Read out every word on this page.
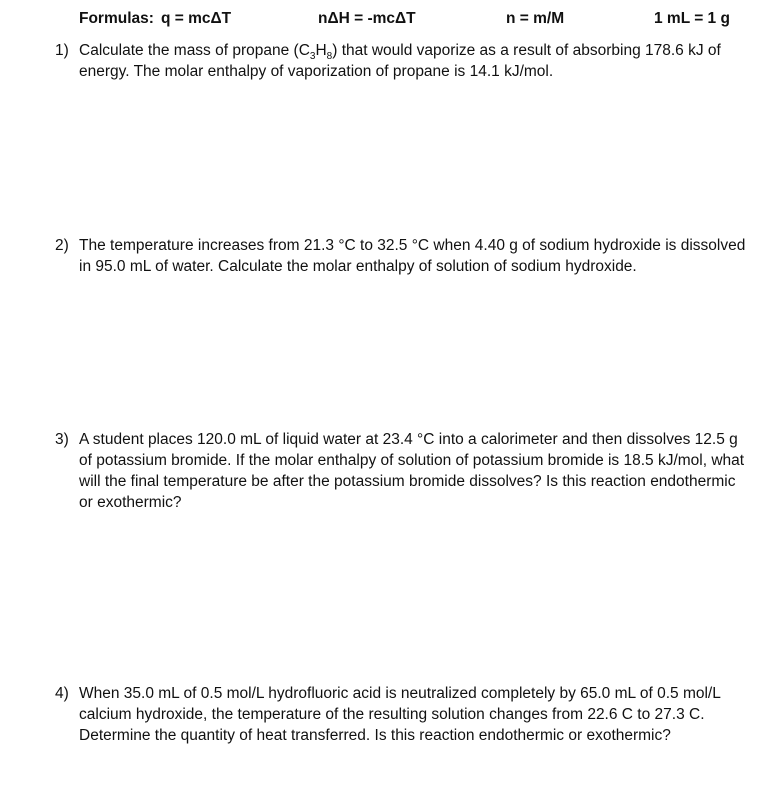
Formulas: q = mcΔT	nΔH = -mcΔT	n = m/M	1 mL = 1 g
1) Calculate the mass of propane $(C_3H_8)$ that would vaporize as a result of absorbing 178.6 kJ of energy. The molar enthalpy of vaporization of propane is 14.1 kJ/mol.
2) The temperature increases from 21.3 °C to 32.5 °C when 4.40 g of sodium hydroxide is dissolved in 95.0 mL of water. Calculate the molar enthalpy of solution of sodium hydroxide.
3) A student places 120.0 mL of liquid water at 23.4 °C into a calorimeter and then dissolves 12.5 g of potassium bromide. If the molar enthalpy of solution of potassium bromide is 18.5 kJ/mol, what will the final temperature be after the potassium bromide dissolves? Is this reaction endothermic or exothermic?
4) When 35.0 mL of 0.5 mol/L hydrofluoric acid is neutralized completely by 65.0 mL of 0.5 mol/L calcium hydroxide, the temperature of the resulting solution changes from 22.6 C to 27.3 C. Determine the quantity of heat transferred. Is this reaction endothermic or exothermic?
